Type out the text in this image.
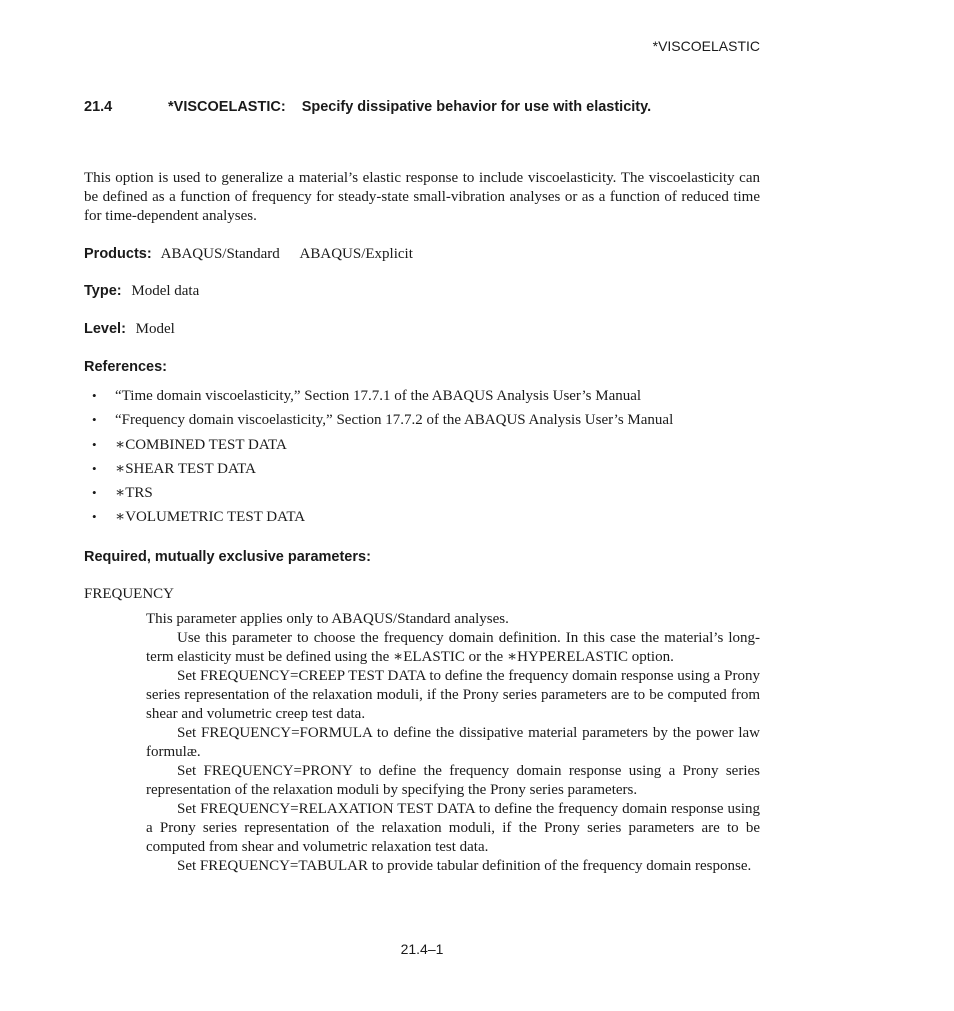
*VISCOELASTIC
21.4	*VISCOELASTIC: Specify dissipative behavior for use with elasticity.
This option is used to generalize a material’s elastic response to include viscoelasticity. The viscoelasticity can be defined as a function of frequency for steady-state small-vibration analyses or as a function of reduced time for time-dependent analyses.
Products: ABAQUS/Standard ABAQUS/Explicit
Type: Model data
Level: Model
References:
• “Time domain viscoelasticity,” Section 17.7.1 of the ABAQUS Analysis User’s Manual
• “Frequency domain viscoelasticity,” Section 17.7.2 of the ABAQUS Analysis User’s Manual
• ∗COMBINED TEST DATA
• ∗SHEAR TEST DATA
• ∗TRS
• ∗VOLUMETRIC TEST DATA
Required, mutually exclusive parameters:
FREQUENCY

This parameter applies only to ABAQUS/Standard analyses.

Use this parameter to choose the frequency domain definition. In this case the material’s long-term elasticity must be defined using the ∗ELASTIC or the ∗HYPERELASTIC option.

Set FREQUENCY=CREEP TEST DATA to define the frequency domain response using a Prony series representation of the relaxation moduli, if the Prony series parameters are to be computed from shear and volumetric creep test data.

Set FREQUENCY=FORMULA to define the dissipative material parameters by the power law formulæ.

Set FREQUENCY=PRONY to define the frequency domain response using a Prony series representation of the relaxation moduli by specifying the Prony series parameters.

Set FREQUENCY=RELAXATION TEST DATA to define the frequency domain response using a Prony series representation of the relaxation moduli, if the Prony series parameters are to be computed from shear and volumetric relaxation test data.

Set FREQUENCY=TABULAR to provide tabular definition of the frequency domain response.

21.4–1
